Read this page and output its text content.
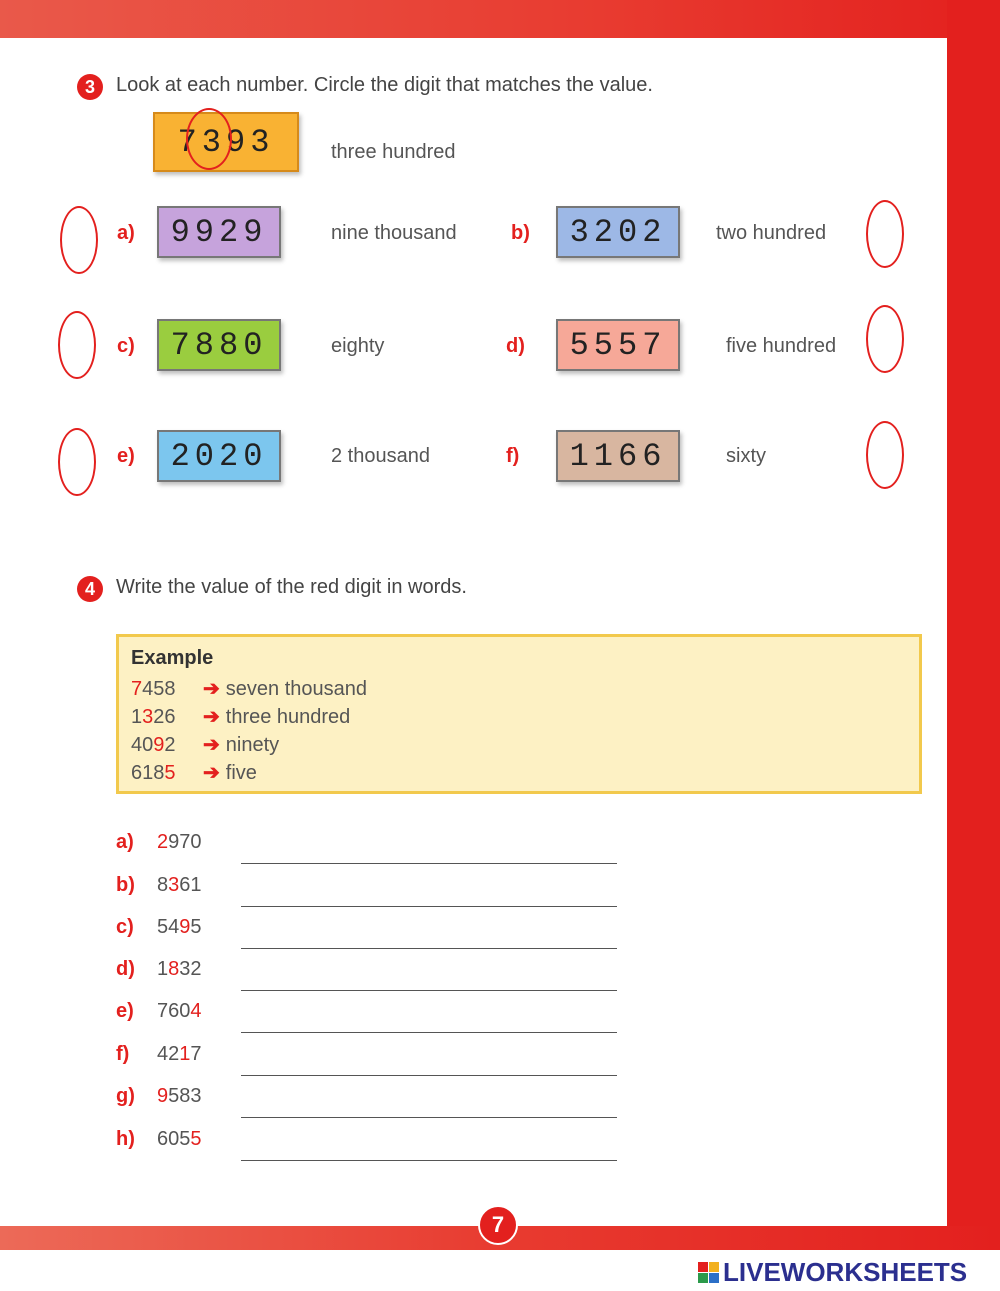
7
3	Look at each number. Circle the digit that matches the value.
7393	three hundred
a)	9929	nine thousand	b)	3202	two hundred
c)	7880	eighty	d)	5557	five hundred
e)	2020	2 thousand	f)	1166	sixty
4	Write the value of the red digit in words.
Example
7458 ➔ seven thousand
1326 ➔ three hundred
4092 ➔ ninety
6185 ➔ five
a) 2970
b) 8361
c) 5495
d) 1832
e) 7604
f) 4217
g) 9583
h) 6055
LIVEWORKSHEETS
